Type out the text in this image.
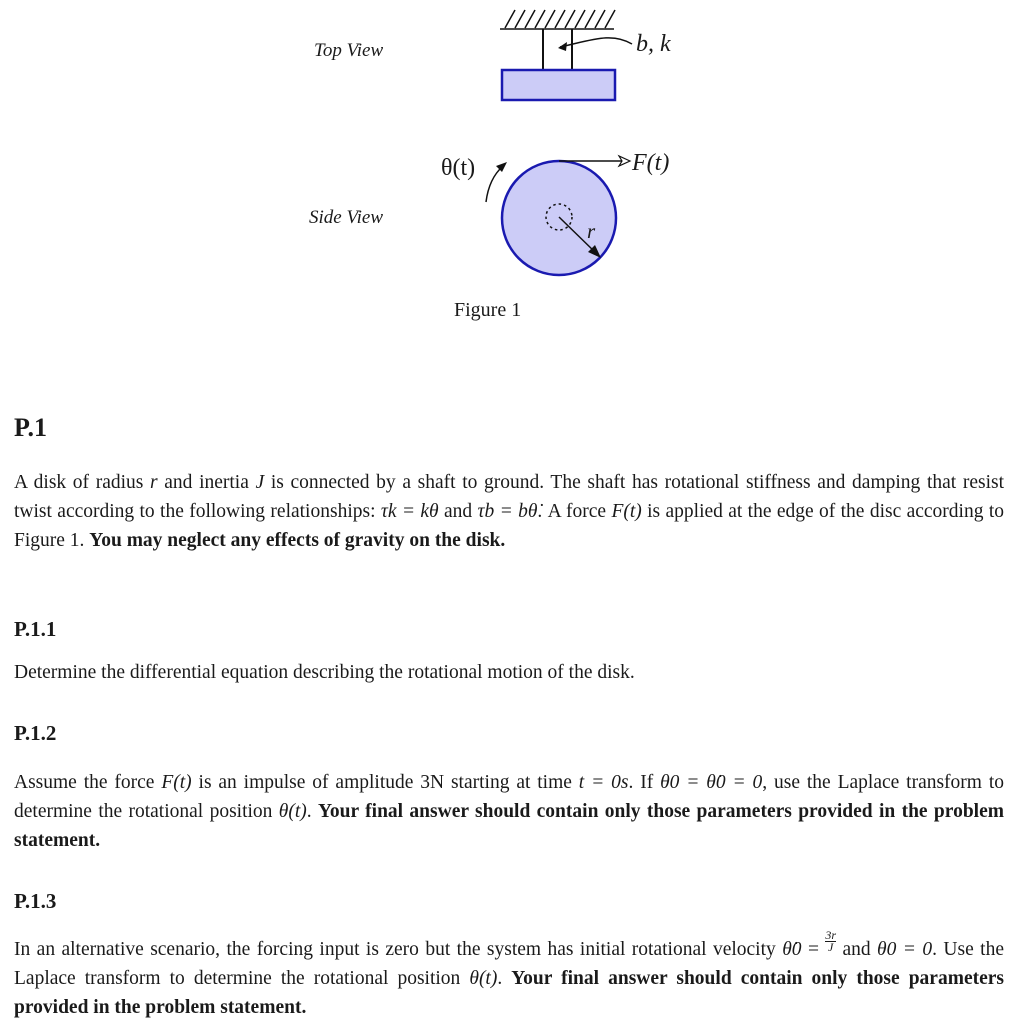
Top View
Side View
b, k
θ(t)	F(t)
r
Figure 1
P.1

A disk of radius r and inertia J is connected by a shaft to ground. The shaft has rotational stiffness and damping that resist twist according to the following relationships: τk = kθ and τb = bθ̇. A force F(t) is applied at the edge of the disc according to Figure 1. You may neglect any effects of gravity on the disk.

P.1.1

Determine the differential equation describing the rotational motion of the disk.

P.1.2

Assume the force F(t) is an impulse of amplitude 3N starting at time t = 0s. If θ0 = θ̇0 = 0, use the Laplace transform to determine the rotational position θ(t). Your final answer should contain only those parameters provided in the problem statement.

P.1.3

In an alternative scenario, the forcing input is zero but the system has initial rotational velocity θ̇0 = $\frac{3r}{J}$ and θ0 = 0. Use the Laplace transform to determine the rotational position θ(t). Your final answer should contain only those parameters provided in the problem statement.
